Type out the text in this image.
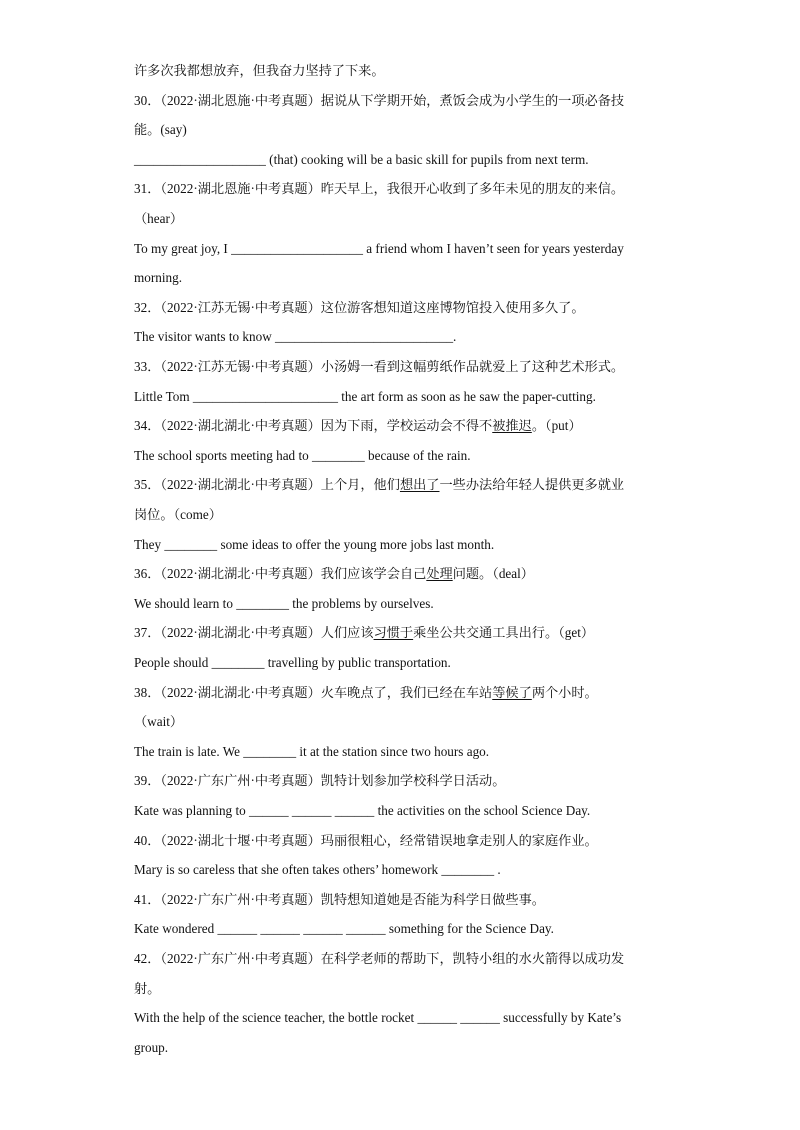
许多次我都想放弃，但我奋力坚持了下来。
30．（2022·湖北恩施·中考真题）据说从下学期开始，煮饭会成为小学生的一项必备技
能。(say)
____________________ (that) cooking will be a basic skill for pupils from next term.
31．（2022·湖北恩施·中考真题）昨天早上，我很开心收到了多年未见的朋友的来信。
（hear）
To my great joy, I ____________________ a friend whom I haven’t seen for years yesterday
morning.
32．（2022·江苏无锡·中考真题）这位游客想知道这座博物馆投入使用多久了。
The visitor wants to know ___________________________.
33．（2022·江苏无锡·中考真题）小汤姆一看到这幅剪纸作品就爱上了这种艺术形式。
Little Tom ______________________ the art form as soon as he saw the paper-cutting.
34．（2022·湖北湖北·中考真题）因为下雨，学校运动会不得不被推迟。（put）
The school sports meeting had to ________ because of the rain.
35．（2022·湖北湖北·中考真题）上个月，他们想出了一些办法给年轻人提供更多就业
岗位。（come）
They ________ some ideas to offer the young more jobs last month.
36．（2022·湖北湖北·中考真题）我们应该学会自己处理问题。（deal）
We should learn to ________ the problems by ourselves.
37．（2022·湖北湖北·中考真题）人们应该习惯于乘坐公共交通工具出行。（get）
People should ________ travelling by public transportation.
38．（2022·湖北湖北·中考真题）火车晚点了，我们已经在车站等候了两个小时。
（wait）
The train is late. We ________ it at the station since two hours ago.
39．（2022·广东广州·中考真题）凯特计划参加学校科学日活动。
Kate was planning to ______ ______ ______ the activities on the school Science Day.
40．（2022·湖北十堰·中考真题）玛丽很粗心，经常错误地拿走别人的家庭作业。
Mary is so careless that she often takes others’ homework ________ .
41．（2022·广东广州·中考真题）凯特想知道她是否能为科学日做些事。
Kate wondered ______ ______ ______ ______ something for the Science Day.
42．（2022·广东广州·中考真题）在科学老师的帮助下，凯特小组的水火箭得以成功发
射。
With the help of the science teacher, the bottle rocket ______ ______ successfully by Kate’s
group.
